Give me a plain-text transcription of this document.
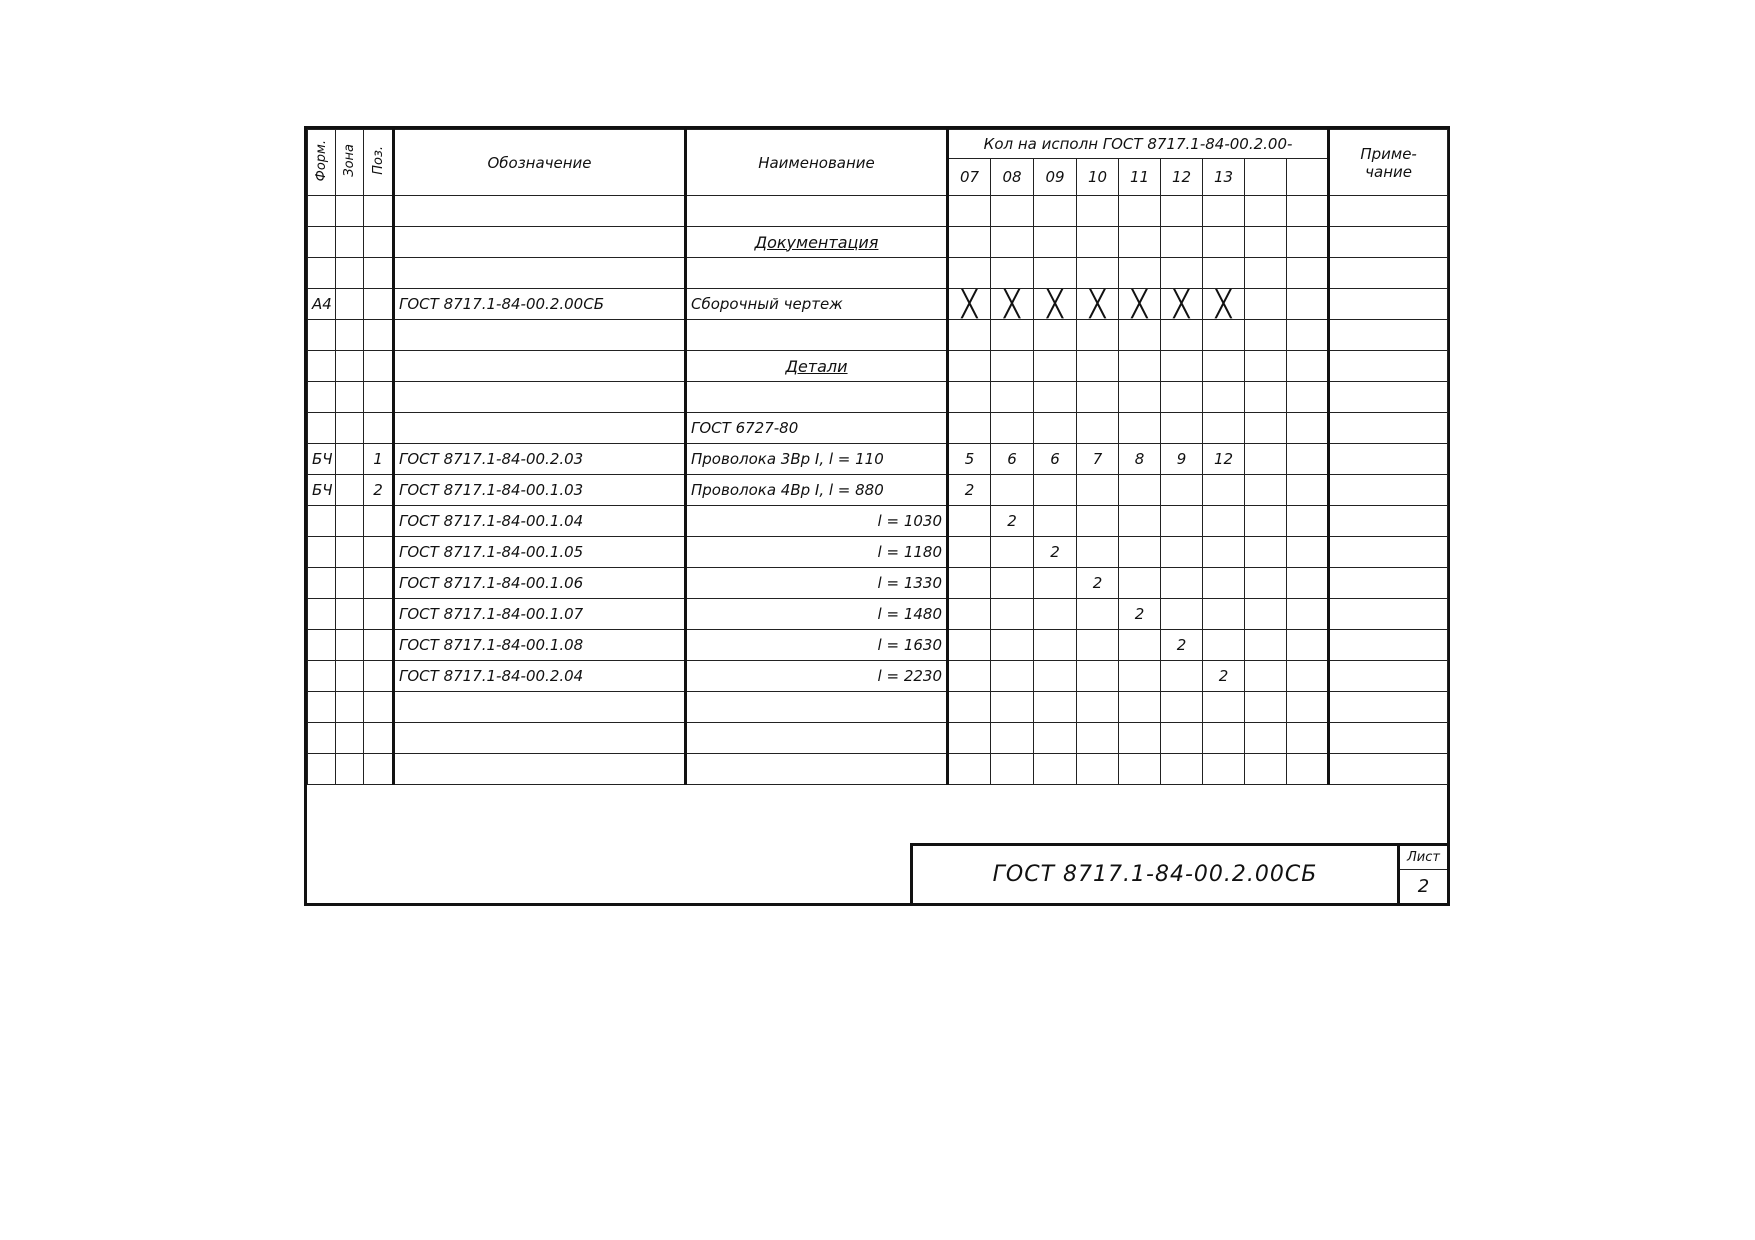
Форм.	Зона	Поз.	Обозначение	Наименование	Кол на исполн ГОСТ 8717.1-84-00.2.00-									Приме-
чание
					07	08	09	10	11	12	13			

				Документация										

А4			ГОСТ 8717.1-84-00.2.00СБ	Сборочный чертеж	╳	╳	╳	╳	╳	╳	╳			

				Детали										

				ГОСТ 6727-80										
БЧ		1	ГОСТ 8717.1-84-00.2.03	Проволока 3Вр I, l = 110	5	6	6	7	8	9	12			
БЧ		2	ГОСТ 8717.1-84-00.1.03	Проволока 4Вр I, l = 880	2									
			ГОСТ 8717.1-84-00.1.04	l = 1030		2								
			ГОСТ 8717.1-84-00.1.05	l = 1180			2							
			ГОСТ 8717.1-84-00.1.06	l = 1330				2						
			ГОСТ 8717.1-84-00.1.07	l = 1480					2					
			ГОСТ 8717.1-84-00.1.08	l = 1630						2				
			ГОСТ 8717.1-84-00.2.04	l = 2230							2			

ГОСТ 8717.1-84-00.2.00СБ
Лист
2
